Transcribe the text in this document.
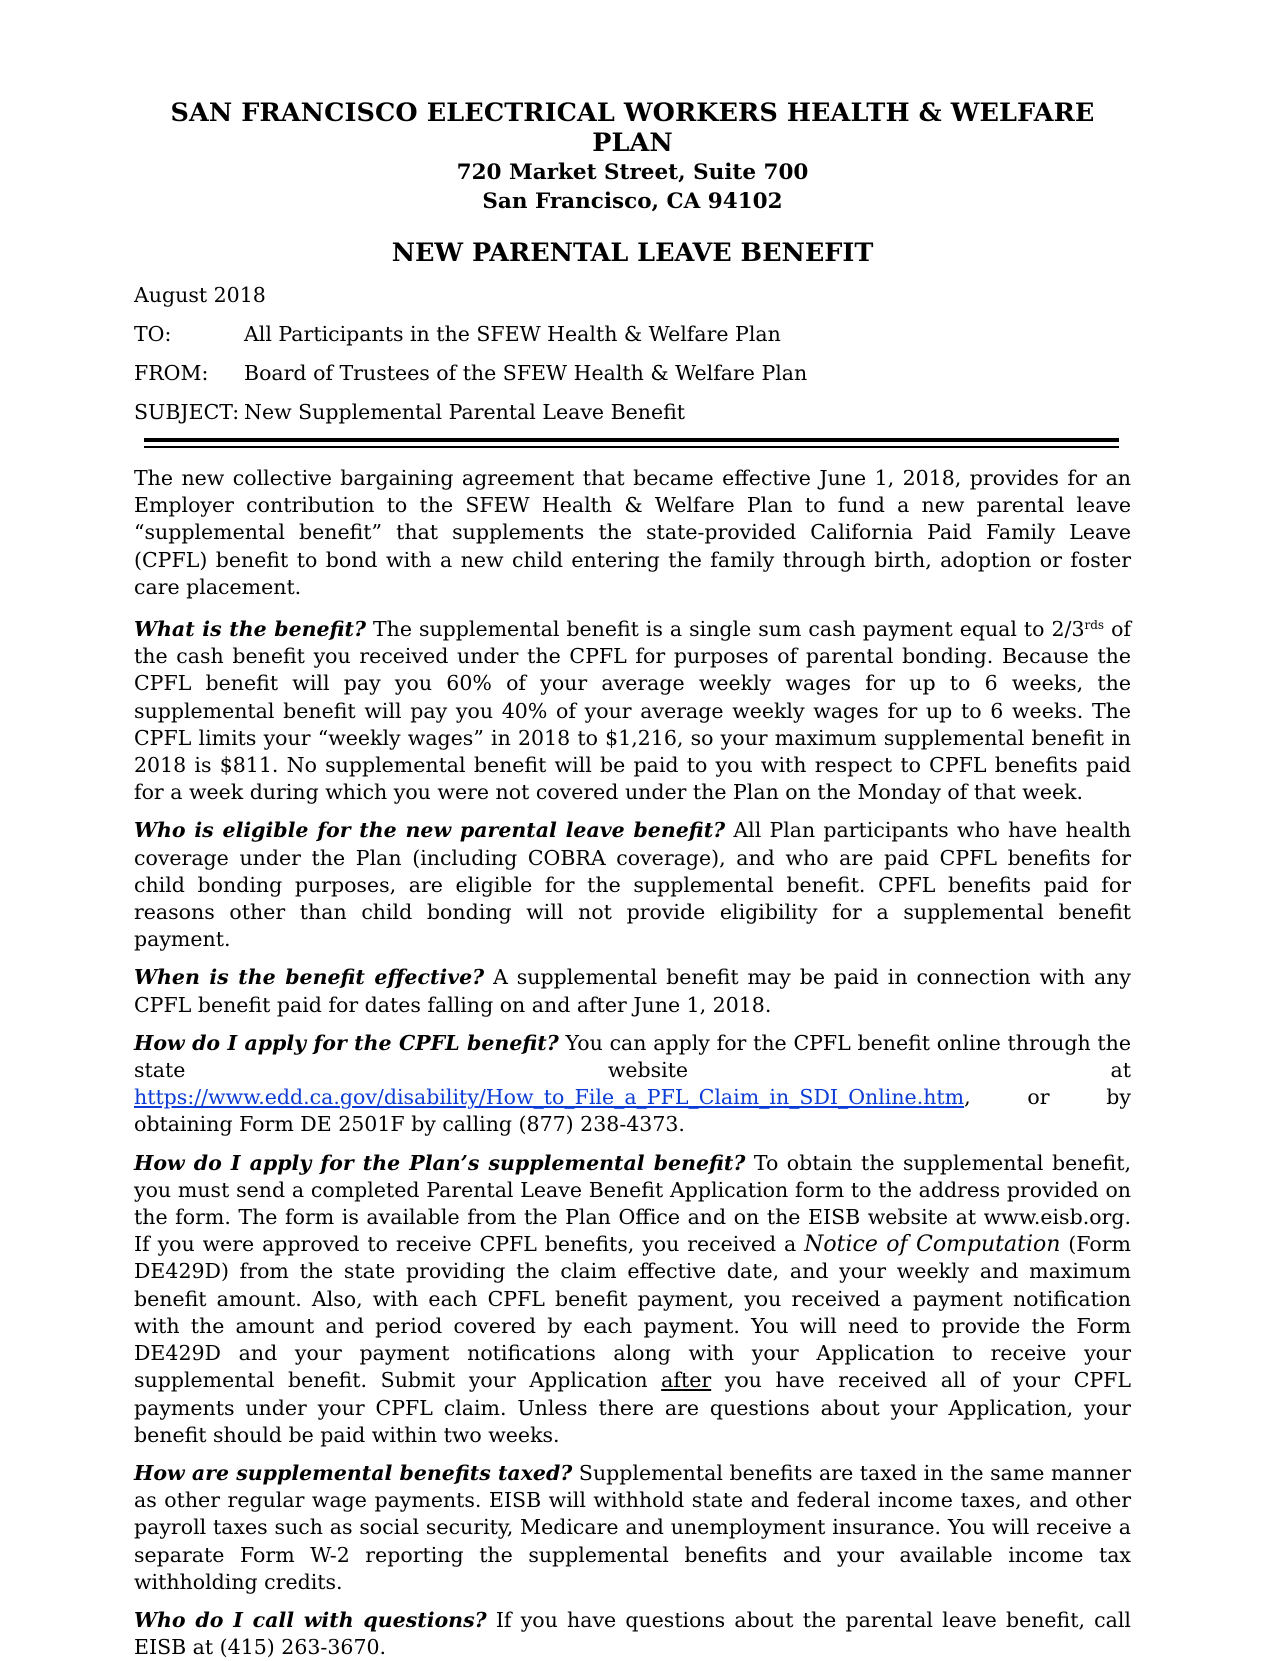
SAN FRANCISCO ELECTRICAL WORKERS HEALTH & WELFARE PLAN
720 Market Street, Suite 700
San Francisco, CA 94102
NEW PARENTAL LEAVE BENEFIT
August 2018
TO:	All Participants in the SFEW Health & Welfare Plan
FROM:	Board of Trustees of the SFEW Health & Welfare Plan
SUBJECT: New Supplemental Parental Leave Benefit

The new collective bargaining agreement that became effective June 1, 2018, provides for an Employer contribution to the SFEW Health & Welfare Plan to fund a new parental leave “supplemental benefit” that supplements the state-provided California Paid Family Leave (CPFL) benefit to bond with a new child entering the family through birth, adoption or foster care placement.

What is the benefit? The supplemental benefit is a single sum cash payment equal to $2/3^{rds}$ of the cash benefit you received under the CPFL for purposes of parental bonding. Because the CPFL benefit will pay you 60% of your average weekly wages for up to 6 weeks, the supplemental benefit will pay you 40% of your average weekly wages for up to 6 weeks. The CPFL limits your “weekly wages” in 2018 to $1,216, so your maximum supplemental benefit in 2018 is $811. No supplemental benefit will be paid to you with respect to CPFL benefits paid for a week during which you were not covered under the Plan on the Monday of that week.

Who is eligible for the new parental leave benefit? All Plan participants who have health coverage under the Plan (including COBRA coverage), and who are paid CPFL benefits for child bonding purposes, are eligible for the supplemental benefit. CPFL benefits paid for reasons other than child bonding will not provide eligibility for a supplemental benefit payment.

When is the benefit effective? A supplemental benefit may be paid in connection with any CPFL benefit paid for dates falling on and after June 1, 2018.

How do I apply for the CPFL benefit? You can apply for the CPFL benefit online through the state website at https://www.edd.ca.gov/disability/How_to_File_a_PFL_Claim_in_SDI_Online.htm, or by obtaining Form DE 2501F by calling (877) 238-4373.

How do I apply for the Plan’s supplemental benefit? To obtain the supplemental benefit, you must send a completed Parental Leave Benefit Application form to the address provided on the form. The form is available from the Plan Office and on the EISB website at www.eisb.org. If you were approved to receive CPFL benefits, you received a Notice of Computation (Form DE429D) from the state providing the claim effective date, and your weekly and maximum benefit amount. Also, with each CPFL benefit payment, you received a payment notification with the amount and period covered by each payment. You will need to provide the Form DE429D and your payment notifications along with your Application to receive your supplemental benefit. Submit your Application after you have received all of your CPFL payments under your CPFL claim. Unless there are questions about your Application, your benefit should be paid within two weeks.

How are supplemental benefits taxed? Supplemental benefits are taxed in the same manner as other regular wage payments. EISB will withhold state and federal income taxes, and other payroll taxes such as social security, Medicare and unemployment insurance. You will receive a separate Form W-2 reporting the supplemental benefits and your available income tax withholding credits.

Who do I call with questions? If you have questions about the parental leave benefit, call EISB at (415) 263-3670.
